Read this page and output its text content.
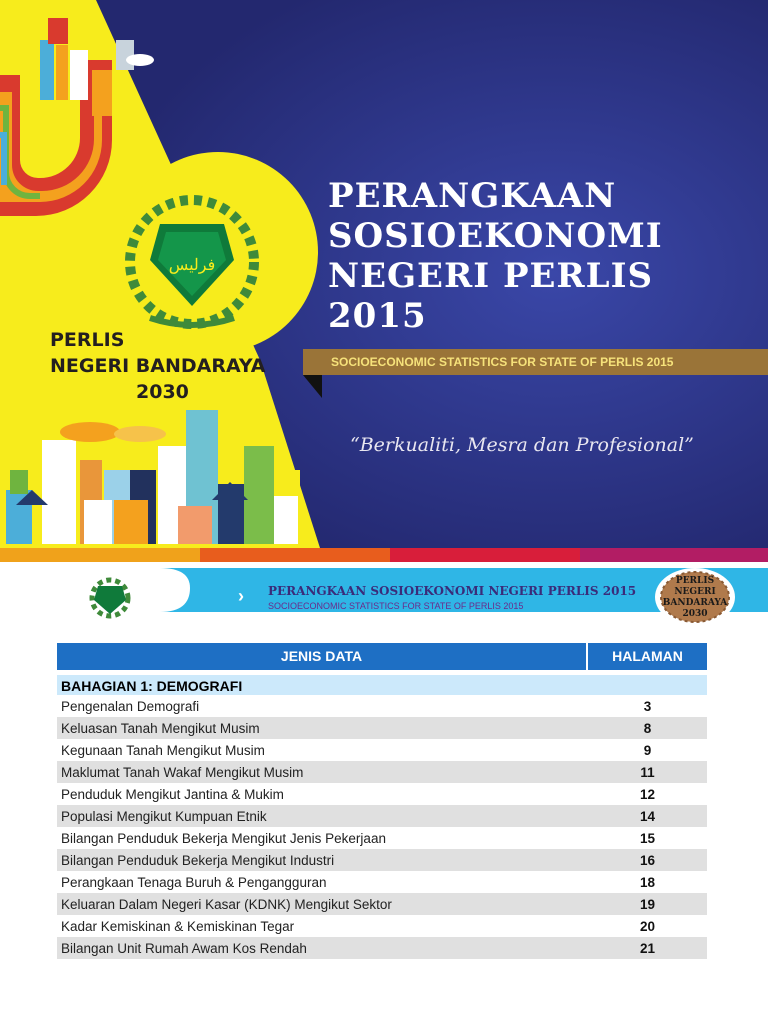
فرليس
PERANGKAAN
SOSIOEKONOMI
NEGERI PERLIS
2015
SOCIOECONOMIC STATISTICS FOR STATE OF PERLIS 2015
“Berkualiti, Mesra dan Profesional”
PERLIS
NEGERI BANDARAYA
2030
› PERANGKAAN SOSIOEKONOMI NEGERI PERLIS 2015
SOCIOECONOMIC STATISTICS FOR STATE OF PERLIS 2015
PERLIS
NEGERI BANDARAYA
2030
JENIS DATA	HALAMAN
BAHAGIAN 1: DEMOGRAFI
Pengenalan Demografi	3
Keluasan Tanah Mengikut Musim	8
Kegunaan Tanah Mengikut Musim	9
Maklumat Tanah Wakaf Mengikut Musim	11
Penduduk Mengikut Jantina & Mukim	12
Populasi Mengikut Kumpuan Etnik	14
Bilangan Penduduk Bekerja Mengikut Jenis Pekerjaan	15
Bilangan Penduduk Bekerja Mengikut Industri	16
Perangkaan Tenaga Buruh & Pengangguran	18
Keluaran Dalam Negeri Kasar (KDNK) Mengikut Sektor	19
Kadar Kemiskinan & Kemiskinan Tegar	20
Bilangan Unit Rumah Awam Kos Rendah	21
